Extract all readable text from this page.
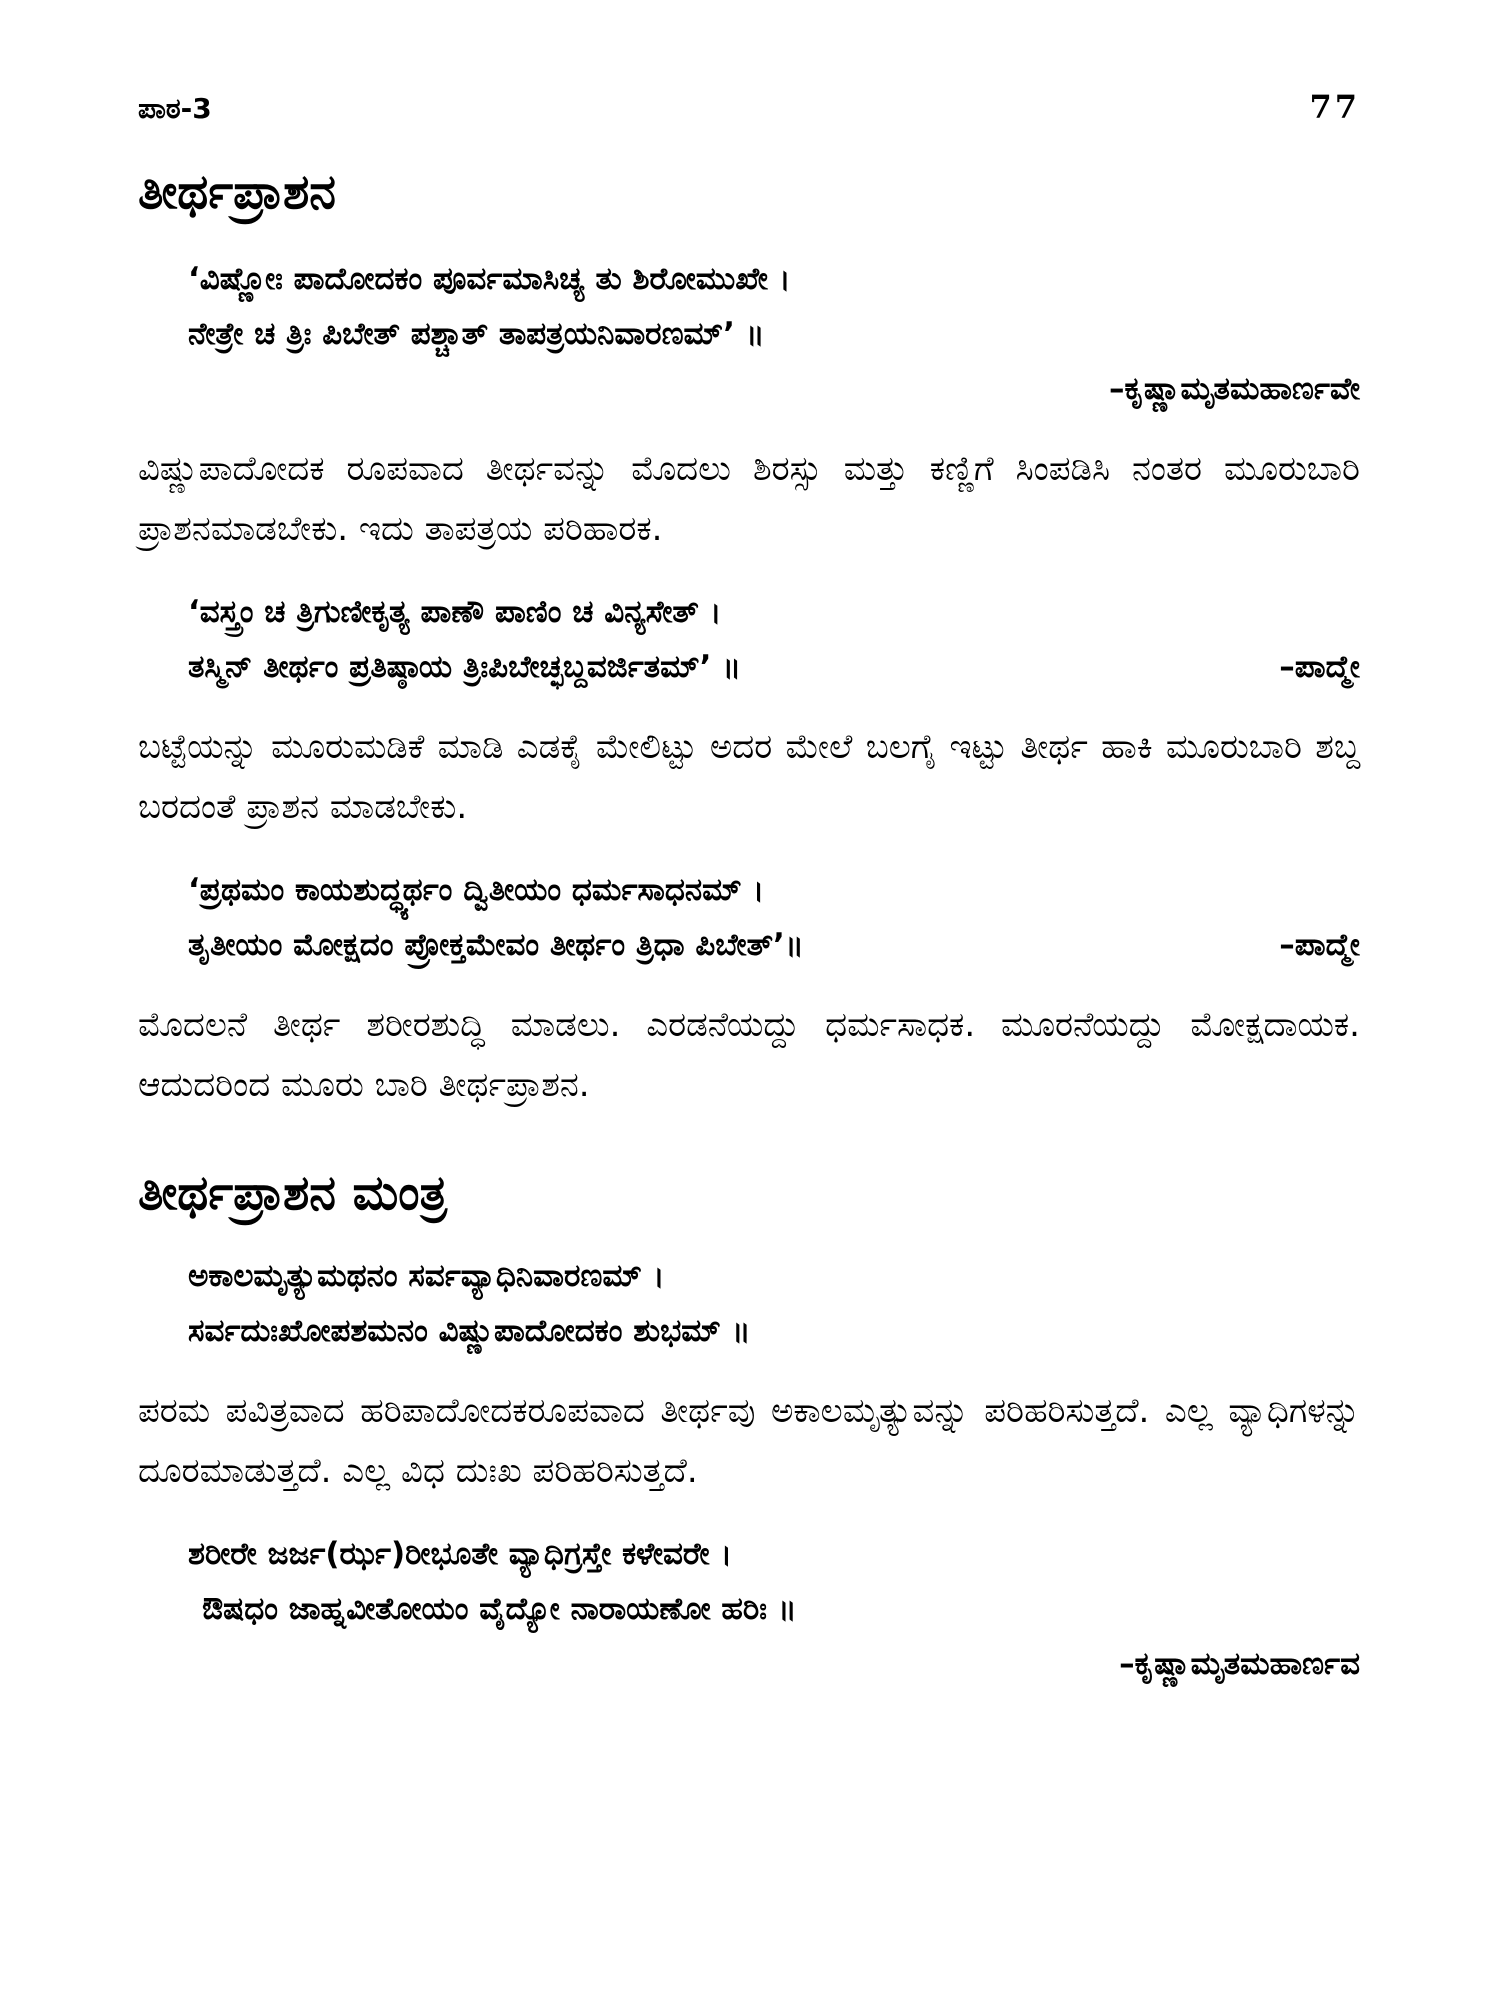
ಪಾಠ-3	77
ತೀರ್ಥಪ್ರಾಶನ
‘ವಿಷ್ಣೋಃ ಪಾದೋದಕಂ ಪೂರ್ವಮಾಸಿಚ್ಯ ತು ಶಿರೋಮುಖೇ ।
ನೇತ್ರೇ ಚ ತ್ರಿಃ ಪಿಬೇತ್ ಪಶ್ಚಾತ್ ತಾಪತ್ರಯನಿವಾರಣಮ್’ ॥

–ಕೃಷ್ಣಾಮೃತಮಹಾರ್ಣವೇ

ವಿಷ್ಣುಪಾದೋದಕ ರೂಪವಾದ ತೀರ್ಥವನ್ನು ಮೊದಲು ಶಿರಸ್ಸು ಮತ್ತು ಕಣ್ಣಿಗೆ ಸಿಂಪಡಿಸಿ ನಂತರ ಮೂರುಬಾರಿ ಪ್ರಾಶನಮಾಡಬೇಕು. ಇದು ತಾಪತ್ರಯ ಪರಿಹಾರಕ.

‘ವಸ್ತ್ರಂ ಚ ತ್ರಿಗುಣೀಕೃತ್ಯ ಪಾಣೌ ಪಾಣಿಂ ಚ ವಿನ್ಯಸೇತ್ ।
ತಸ್ಮಿನ್ ತೀರ್ಥಂ ಪ್ರತಿಷ್ಠಾಯ ತ್ರಿಃಪಿಬೇಚ್ಛಬ್ದವರ್ಜಿತಮ್’ ॥	–ಪಾದ್ಮೇ

ಬಟ್ಟೆಯನ್ನು ಮೂರುಮಡಿಕೆ ಮಾಡಿ ಎಡಕೈ ಮೇಲಿಟ್ಟು ಅದರ ಮೇಲೆ ಬಲಗೈ ಇಟ್ಟು ತೀರ್ಥ ಹಾಕಿ ಮೂರುಬಾರಿ ಶಬ್ದ ಬರದಂತೆ ಪ್ರಾಶನ ಮಾಡಬೇಕು.

‘ಪ್ರಥಮಂ ಕಾಯಶುದ್ಧ್ಯರ್ಥಂ ದ್ವಿತೀಯಂ ಧರ್ಮಸಾಧನಮ್ ।
ತೃತೀಯಂ ಮೋಕ್ಷದಂ ಪ್ರೋಕ್ತಮೇವಂ ತೀರ್ಥಂ ತ್ರಿಧಾ ಪಿಬೇತ್’॥	–ಪಾದ್ಮೇ

ಮೊದಲನೆ ತೀರ್ಥ ಶರೀರಶುದ್ಧಿ ಮಾಡಲು. ಎರಡನೆಯದ್ದು ಧರ್ಮಸಾಧಕ. ಮೂರನೆಯದ್ದು ಮೋಕ್ಷದಾಯಕ. ಆದುದರಿಂದ ಮೂರು ಬಾರಿ ತೀರ್ಥಪ್ರಾಶನ.

ತೀರ್ಥಪ್ರಾಶನ ಮಂತ್ರ
ಅಕಾಲಮೃತ್ಯುಮಥನಂ ಸರ್ವವ್ಯಾಧಿನಿವಾರಣಮ್ ।
ಸರ್ವದುಃಖೋಪಶಮನಂ ವಿಷ್ಣುಪಾದೋದಕಂ ಶುಭಮ್ ॥

ಪರಮ ಪವಿತ್ರವಾದ ಹರಿಪಾದೋದಕರೂಪವಾದ ತೀರ್ಥವು ಅಕಾಲಮೃತ್ಯುವನ್ನು ಪರಿಹರಿಸುತ್ತದೆ. ಎಲ್ಲ ವ್ಯಾಧಿಗಳನ್ನು ದೂರಮಾಡುತ್ತದೆ. ಎಲ್ಲ ವಿಧ ದುಃಖ ಪರಿಹರಿಸುತ್ತದೆ.

ಶರೀರೇ ಜರ್ಜ(ರ್ಝ)ರೀಭೂತೇ ವ್ಯಾಧಿಗ್ರಸ್ತೇ ಕಳೇವರೇ ।
ಔಷಧಂ ಜಾಹ್ನವೀತೋಯಂ ವೈದ್ಯೋ ನಾರಾಯಣೋ ಹರಿಃ ॥

–ಕೃಷ್ಣಾಮೃತಮಹಾರ್ಣವ
